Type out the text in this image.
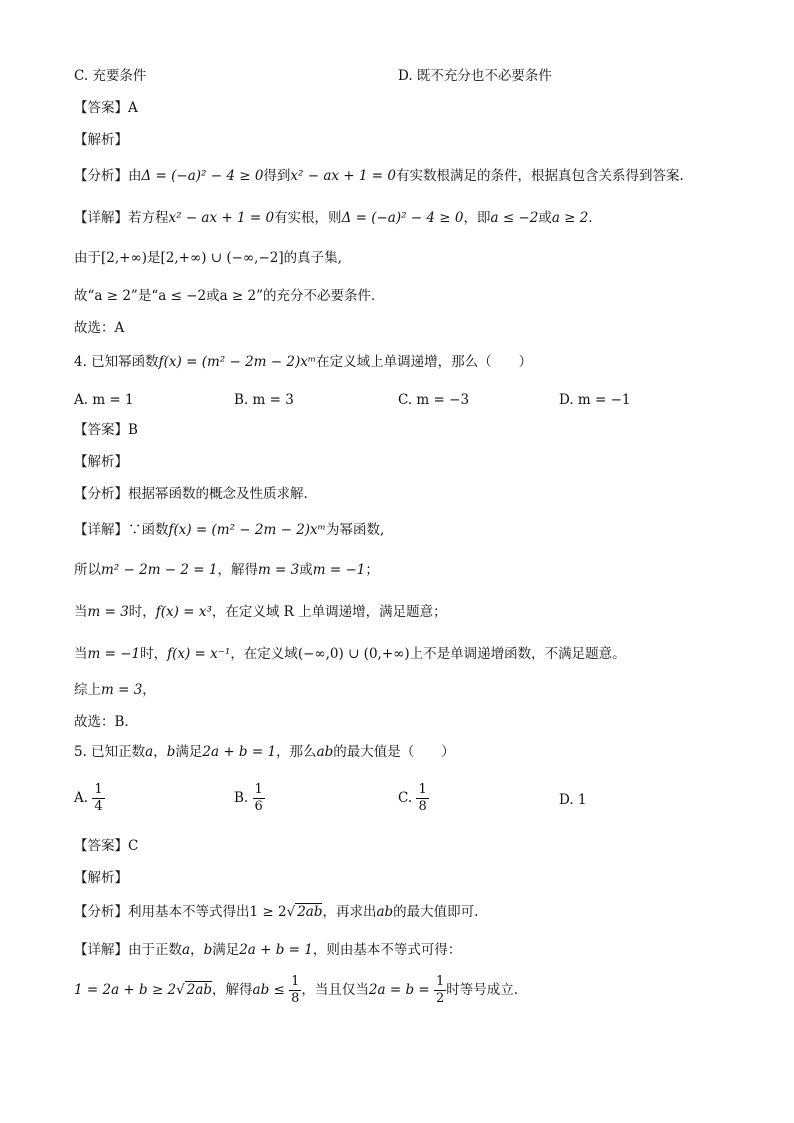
C. 充要条件	D. 既不充分也不必要条件
【答案】A
【解析】
【分析】由Δ = (−a)² − 4 ≥ 0得到x² − ax + 1 = 0有实数根满足的条件，根据真包含关系得到答案.
【详解】若方程x² − ax + 1 = 0有实根，则Δ = (−a)² − 4 ≥ 0，即a ≤ −2或a ≥ 2．
由于[2,+∞)是[2,+∞) ∪ (−∞,−2]的真子集,
故“a ≥ 2”是“a ≤ −2或a ≥ 2”的充分不必要条件．
故选：A
4. 已知幂函数f(x) = (m² − 2m − 2)xᵐ在定义域上单调递增，那么（　　）
A. m = 1	B. m = 3	C. m = −3	D. m = −1
【答案】B
【解析】
【分析】根据幂函数的概念及性质求解.
【详解】∵函数f(x) = (m² − 2m − 2)xᵐ为幂函数,
所以m² − 2m − 2 = 1，解得m = 3或m = −1；
当m = 3时，f(x) = x³，在定义域 R 上单调递增，满足题意；
当m = −1时，f(x) = x⁻¹，在定义域(−∞,0) ∪ (0,+∞)上不是单调递增函数，不满足题意。
综上m = 3，
故选：B.
5. 已知正数a，b满足2a + b = 1，那么ab的最大值是（　　）
A. $\frac{1}{4}$	B. $\frac{1}{6}$	C. $\frac{1}{8}$	D. 1
【答案】C
【解析】
【分析】利用基本不等式得出1 ≥ 2√ 2ab，再求出ab的最大值即可.
【详解】由于正数a，b满足2a + b = 1，则由基本不等式可得：
1 = 2a + b ≥ 2√ 2ab，解得ab ≤ $\frac{1}{8}$ ，当且仅当$2a = b = \frac{1}{2}$ 时等号成立.
